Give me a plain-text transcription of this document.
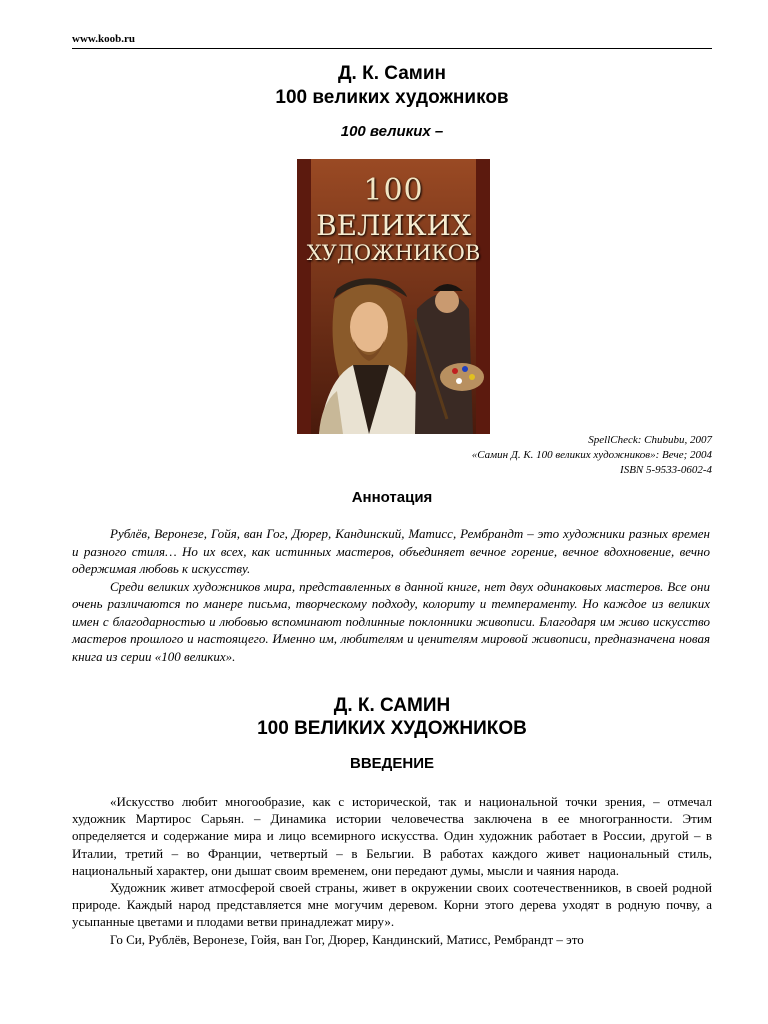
www.koob.ru
Д. К. Самин
100 великих художников
100 великих –
100
ВЕЛИКИХ
ХУДОЖНИКОВ
SpellCheck: Chububu, 2007
«Самин Д. К. 100 великих художников»: Вече; 2004
ISBN 5-9533-0602-4
Аннотация

Рублёв, Веронезе, Гойя, ван Гог, Дюрер, Кандинский, Матисс, Рембрандт – это художники разных времен и разного стиля… Но их всех, как истинных мастеров, объединяет вечное горение, вечное вдохновение, вечно одержимая любовь к искусству.

Среди великих художников мира, представленных в данной книге, нет двух одинаковых мастеров. Все они очень различаются по манере письма, творческому подходу, колориту и темпераменту. Но каждое из великих имен с благодарностью и любовью вспоминают подлинные поклонники живописи. Благодаря им живо искусство мастеров прошлого и настоящего. Именно им, любителям и ценителям мировой живописи, предназначена новая книга из серии «100 великих».

Д. К. САМИН
100 ВЕЛИКИХ ХУДОЖНИКОВ
ВВЕДЕНИЕ

«Искусство любит многообразие, как с исторической, так и национальной точки зрения, – отмечал художник Мартирос Сарьян. – Динамика истории человечества заключена в ее многогранности. Этим определяется и содержание мира и лицо всемирного искусства. Один художник работает в России, другой – в Италии, третий – во Франции, четвертый – в Бельгии. В работах каждого живет национальный стиль, национальный характер, они дышат своим временем, они передают думы, мысли и чаяния народа.

Художник живет атмосферой своей страны, живет в окружении своих соотечественников, в своей родной природе. Каждый народ представляется мне могучим деревом. Корни этого дерева уходят в родную почву, а усыпанные цветами и плодами ветви принадлежат миру».

Го Си, Рублёв, Веронезе, Гойя, ван Гог, Дюрер, Кандинский, Матисс, Рембрандт – это
